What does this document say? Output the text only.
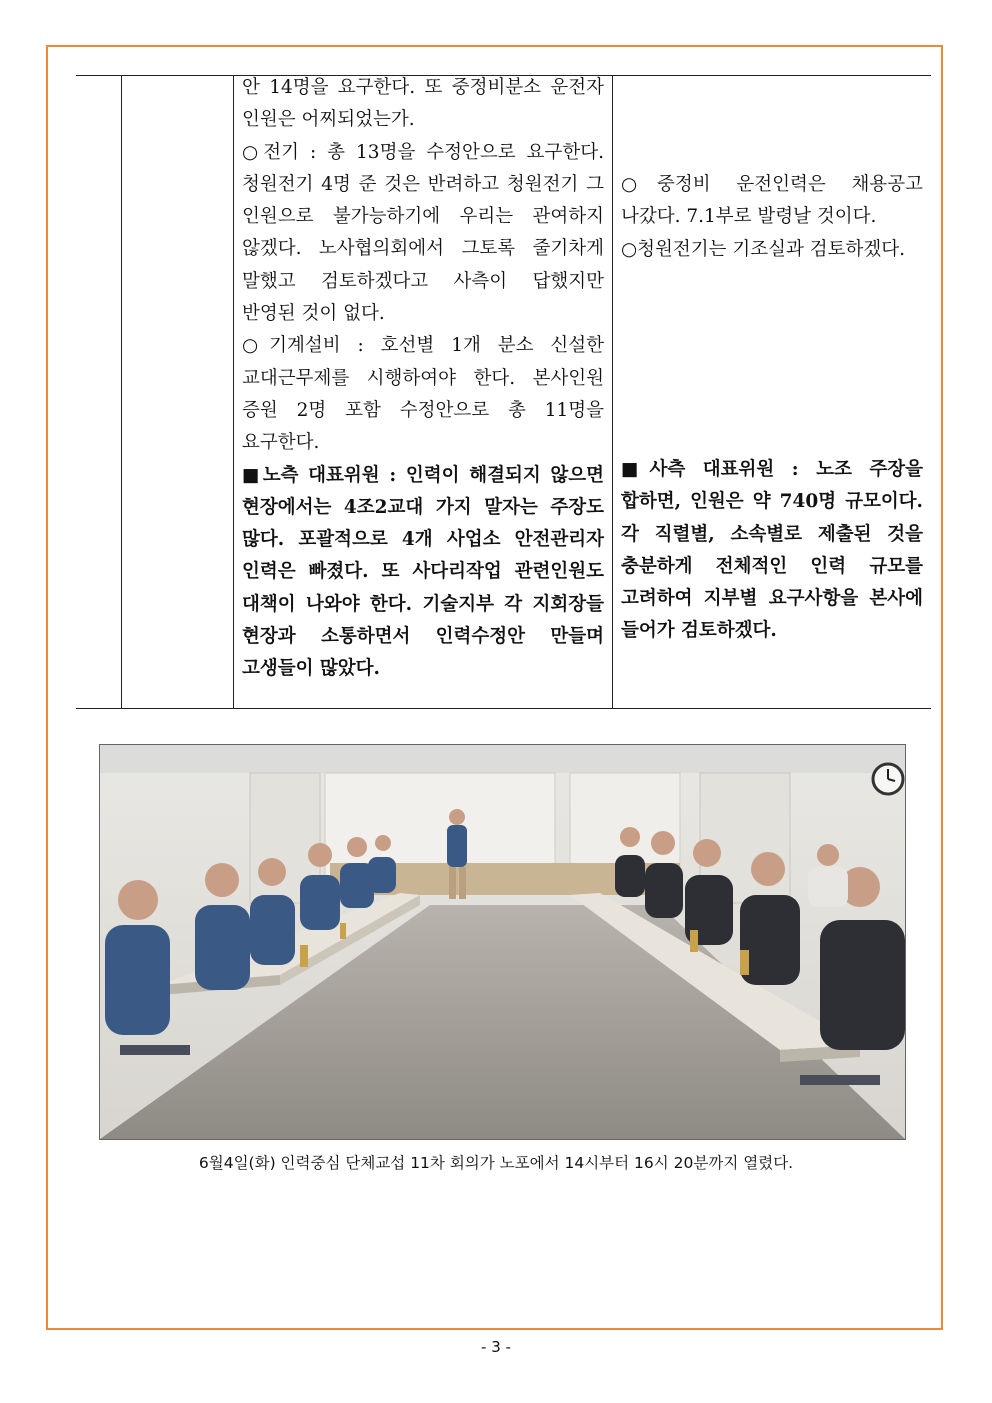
안 14명을 요구한다. 또 중정비분소 운전자 인원은 어찌되었는가.

○전기 : 총 13명을 수정안으로 요구한다. 청원전기 4명 준 것은 반려하고 청원전기 그 인원으로 불가능하기에 우리는 관여하지 않겠다. 노사협의회에서 그토록 줄기차게 말했고 검토하겠다고 사측이 답했지만 반영된 것이 없다.

○기계설비 : 호선별 1개 분소 신설한 교대근무제를 시행하여야 한다. 본사인원 증원 2명 포함 수정안으로 총 11명을 요구한다.

■노측 대표위원 : 인력이 해결되지 않으면 현장에서는 4조2교대 가지 말자는 주장도 많다. 포괄적으로 4개 사업소 안전관리자 인력은 빠졌다. 또 사다리작업 관련인원도 대책이 나와야 한다. 기술지부 각 지회장들 현장과 소통하면서 인력수정안 만들며 고생들이 많았다.

○중정비 운전인력은 채용공고 나갔다. 7.1부로 발령날 것이다.

○청원전기는 기조실과 검토하겠다.

■사측 대표위원 : 노조 주장을 합하면, 인원은 약 740명 규모이다. 각 직렬별, 소속별로 제출된 것을 충분하게 전체적인 인력 규모를 고려하여 지부별 요구사항을 본사에 들어가 검토하겠다.

6월4일(화) 인력중심 단체교섭 11차 회의가 노포에서 14시부터 16시 20분까지 열렸다.
- 3 -
